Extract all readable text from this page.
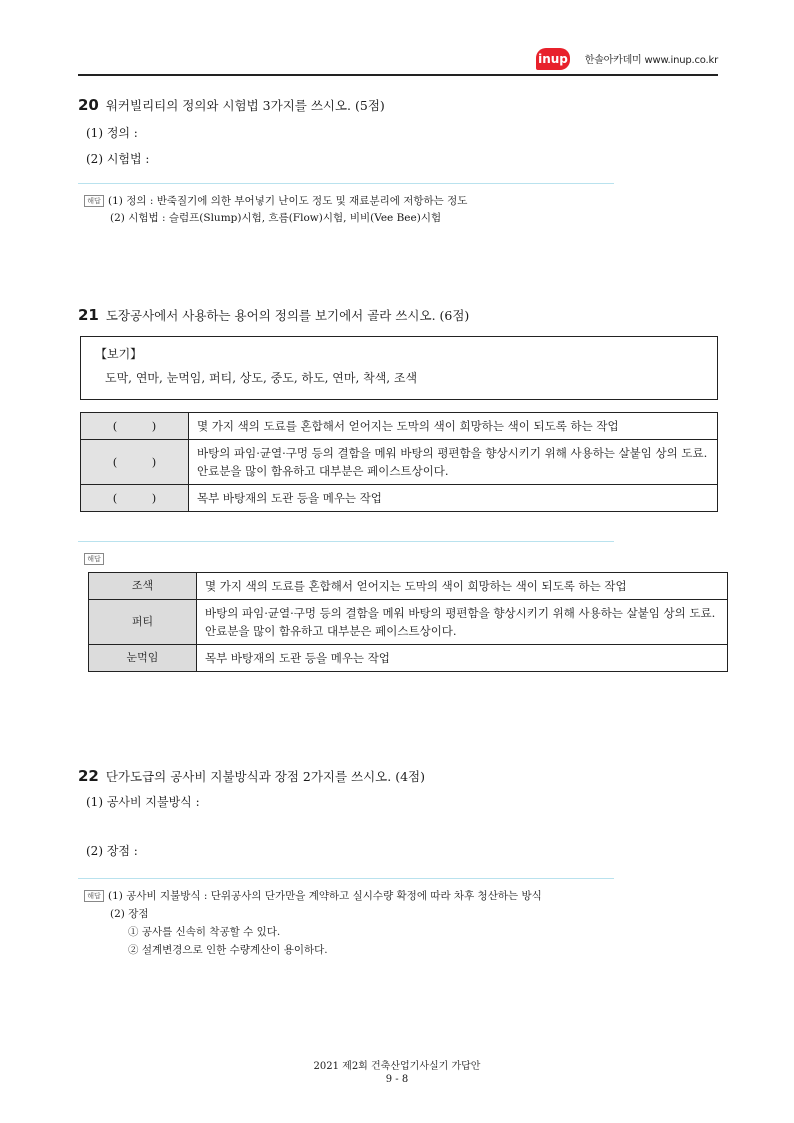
inup 한솔아카데미 www.inup.co.kr
20 워커빌리티의 정의와 시험법 3가지를 쓰시오. (5점)
(1) 정의 :
(2) 시험법 :
해답 (1) 정의 : 반죽질기에 의한 부어넣기 난이도 정도 및 재료분리에 저항하는 정도
(2) 시험법 : 슬럼프(Slump)시험, 흐름(Flow)시험, 비비(Vee Bee)시험
21 도장공사에서 사용하는 용어의 정의를 보기에서 골라 쓰시오. (6점)
【보기】
도막, 연마, 눈먹임, 퍼티, 상도, 중도, 하도, 연마, 착색, 조색
(　　　)	몇 가지 색의 도료를 혼합해서 얻어지는 도막의 색이 희망하는 색이 되도록 하는 작업
(　　　)	바탕의 파임·균열·구멍 등의 결함을 메워 바탕의 평편함을 향상시키기 위해 사용하는 살붙임 상의 도료. 안료분을 많이 함유하고 대부분은 페이스트상이다.
(　　　)	목부 바탕재의 도관 등을 메우는 작업
해답
조색	몇 가지 색의 도료를 혼합해서 얻어지는 도막의 색이 희망하는 색이 되도록 하는 작업
퍼티	바탕의 파임·균열·구멍 등의 결함을 메워 바탕의 평편함을 향상시키기 위해 사용하는 살붙임 상의 도료. 안료분을 많이 함유하고 대부분은 페이스트상이다.
눈먹임	목부 바탕재의 도관 등을 메우는 작업
22 단가도급의 공사비 지불방식과 장점 2가지를 쓰시오. (4점)
(1) 공사비 지불방식 :
(2) 장점 :
해답 (1) 공사비 지불방식 : 단위공사의 단가만을 계약하고 실시수량 확정에 따라 차후 청산하는 방식
(2) 장점
① 공사를 신속히 착공할 수 있다.
② 설계변경으로 인한 수량계산이 용이하다.
2021 제2회 건축산업기사실기 가답안
9 - 8
